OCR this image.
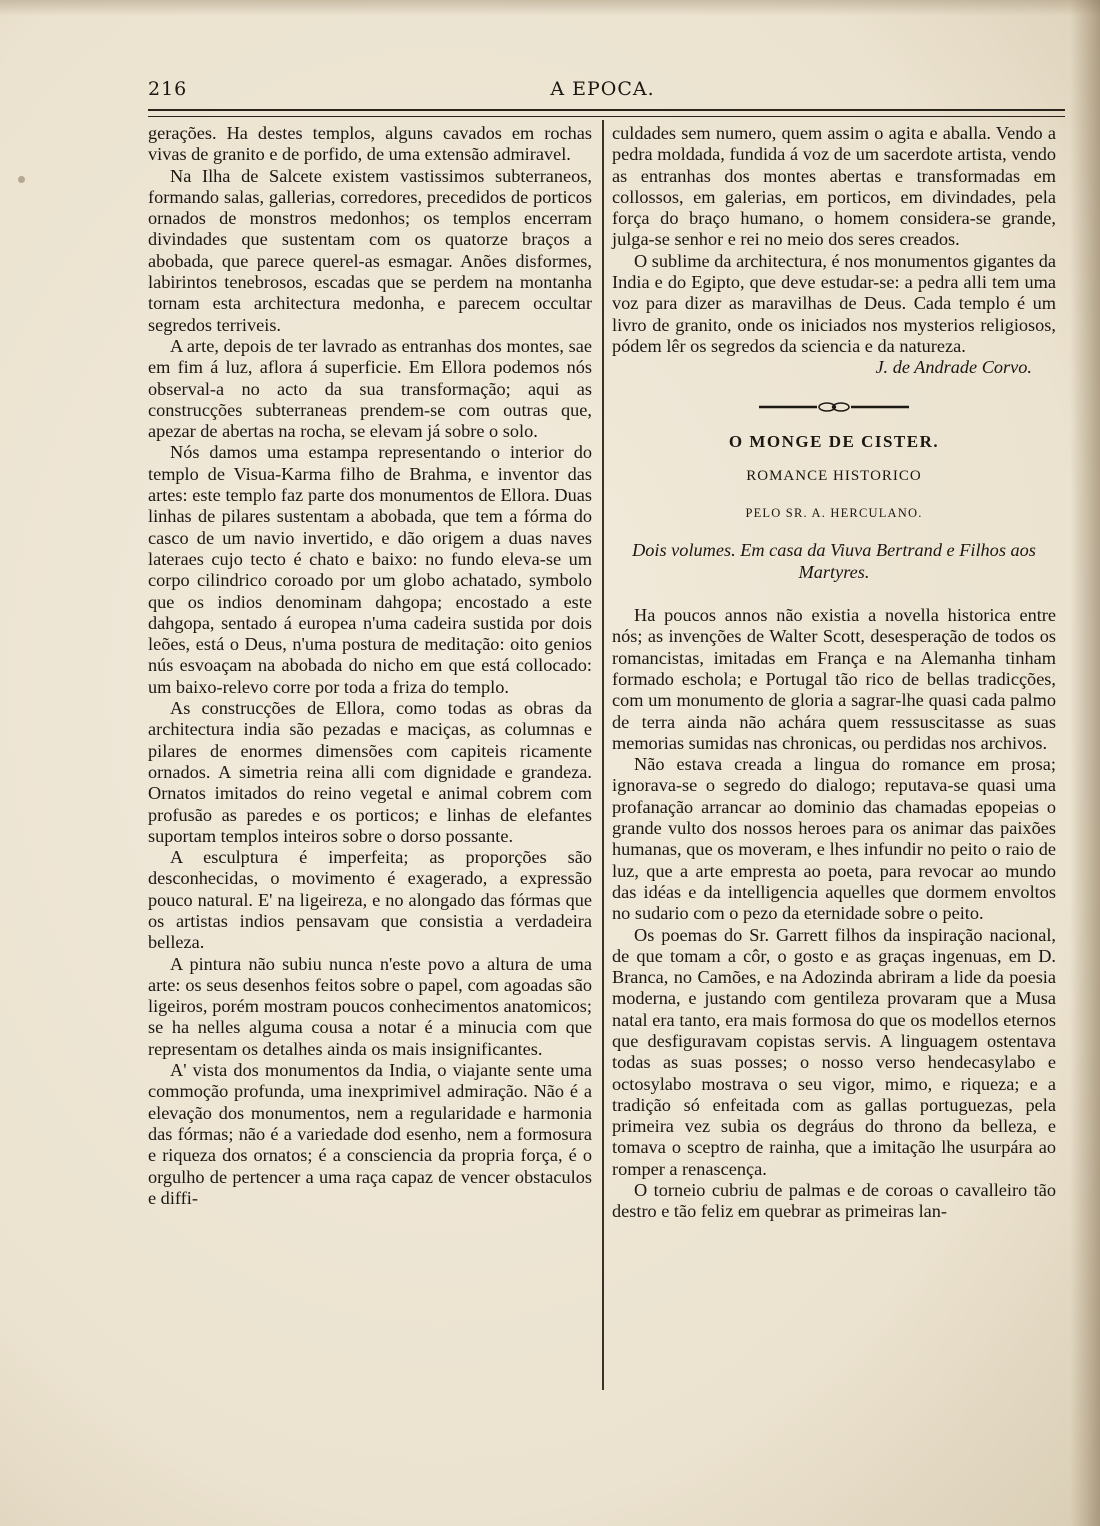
216	A EPOCA.

gerações. Ha destes templos, alguns cavados em rochas vivas de granito e de porfido, de uma extensão admiravel.

Na Ilha de Salcete existem vastissimos subterraneos, formando salas, gallerias, corredores, precedidos de porticos ornados de monstros medonhos; os templos encerram divindades que sustentam com os quatorze braços a abobada, que parece querel-as esmagar. Anões disformes, labirintos tenebrosos, escadas que se perdem na montanha tornam esta architectura medonha, e parecem occultar segredos terriveis.

A arte, depois de ter lavrado as entranhas dos montes, sae em fim á luz, aflora á superficie. Em Ellora podemos nós observal-a no acto da sua transformação; aqui as construcções subterraneas prendem-se com outras que, apezar de abertas na rocha, se elevam já sobre o solo.

Nós damos uma estampa representando o interior do templo de Visua-Karma filho de Brahma, e inventor das artes: este templo faz parte dos monumentos de Ellora. Duas linhas de pilares sustentam a abobada, que tem a fórma do casco de um navio invertido, e dão origem a duas naves lateraes cujo tecto é chato e baixo: no fundo eleva-se um corpo cilindrico coroado por um globo achatado, symbolo que os indios denominam dahgopa; encostado a este dahgopa, sentado á europea n'uma cadeira sustida por dois leões, está o Deus, n'uma postura de meditação: oito genios nús esvoaçam na abobada do nicho em que está collocado: um baixo-relevo corre por toda a friza do templo.

As construcções de Ellora, como todas as obras da architectura india são pezadas e maciças, as columnas e pilares de enormes dimensões com capiteis ricamente ornados. A simetria reina alli com dignidade e grandeza. Ornatos imitados do reino vegetal e animal cobrem com profusão as paredes e os porticos; e linhas de elefantes suportam templos inteiros sobre o dorso possante.

A esculptura é imperfeita; as proporções são desconhecidas, o movimento é exagerado, a expressão pouco natural. E' na ligeireza, e no alongado das fórmas que os artistas indios pensavam que consistia a verdadeira belleza.

A pintura não subiu nunca n'este povo a altura de uma arte: os seus desenhos feitos sobre o papel, com agoadas são ligeiros, porém mostram poucos conhecimentos anatomicos; se ha nelles alguma cousa a notar é a minucia com que representam os detalhes ainda os mais insignificantes.

A' vista dos monumentos da India, o viajante sente uma commoção profunda, uma inexprimivel admiração. Não é a elevação dos monumentos, nem a regularidade e harmonia das fórmas; não é a variedade dod esenho, nem a formosura e riqueza dos ornatos; é a consciencia da propria força, é o orgulho de pertencer a uma raça capaz de vencer obstaculos e diffi-

culdades sem numero, quem assim o agita e aballa. Vendo a pedra moldada, fundida á voz de um sacerdote artista, vendo as entranhas dos montes abertas e transformadas em collossos, em galerias, em porticos, em divindades, pela força do braço humano, o homem considera-se grande, julga-se senhor e rei no meio dos seres creados.

O sublime da architectura, é nos monumentos gigantes da India e do Egipto, que deve estudar-se: a pedra alli tem uma voz para dizer as maravilhas de Deus. Cada templo é um livro de granito, onde os iniciados nos mysterios religiosos, pódem lêr os segredos da sciencia e da natureza.

J. de Andrade Corvo.

O MONGE DE CISTER.
ROMANCE HISTORICO
PELO SR. A. HERCULANO.
Dois volumes. Em casa da Viuva Bertrand e Filhos aos Martyres.

Ha poucos annos não existia a novella historica entre nós; as invenções de Walter Scott, desesperação de todos os romancistas, imitadas em França e na Alemanha tinham formado eschola; e Portugal tão rico de bellas tradicções, com um monumento de gloria a sagrar-lhe quasi cada palmo de terra ainda não achára quem ressuscitasse as suas memorias sumidas nas chronicas, ou perdidas nos archivos.

Não estava creada a lingua do romance em prosa; ignorava-se o segredo do dialogo; reputava-se quasi uma profanação arrancar ao dominio das chamadas epopeias o grande vulto dos nossos heroes para os animar das paixões humanas, que os moveram, e lhes infundir no peito o raio de luz, que a arte empresta ao poeta, para revocar ao mundo das idéas e da intelligencia aquelles que dormem envoltos no sudario com o pezo da eternidade sobre o peito.

Os poemas do Sr. Garrett filhos da inspiração nacional, de que tomam a côr, o gosto e as graças ingenuas, em D. Branca, no Camões, e na Adozinda abriram a lide da poesia moderna, e justando com gentileza provaram que a Musa natal era tanto, era mais formosa do que os modellos eternos que desfiguravam copistas servis. A linguagem ostentava todas as suas posses; o nosso verso hendecasylabo e octosylabo mostrava o seu vigor, mimo, e riqueza; e a tradição só enfeitada com as gallas portuguezas, pela primeira vez subia os degráus do throno da belleza, e tomava o sceptro de rainha, que a imitação lhe usurpára ao romper a renascença.

O torneio cubriu de palmas e de coroas o cavalleiro tão destro e tão feliz em quebrar as primeiras lan-
